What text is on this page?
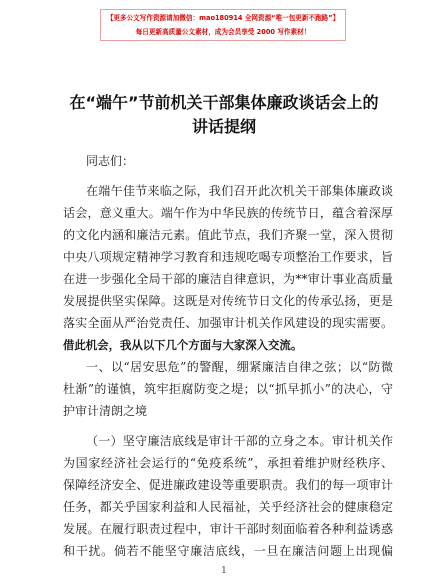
【更多公文写作资源请加微信：mao180914 全网资源“唯一包更新不跑路”】
每日更新高质量公文素材，成为会员享受 2000 写作素材！
在“端午”节前机关干部集体廉政谈话会上的
讲话提纲
同志们：
在端午佳节来临之际，我们召开此次机关干部集体廉政谈
话会，意义重大。端午作为中华民族的传统节日，蕴含着深厚
的文化内涵和廉洁元素。值此节点，我们齐聚一堂，深入贯彻
中央八项规定精神学习教育和违规吃喝专项整治工作要求，旨
在进一步强化全局干部的廉洁自律意识，为**审计事业高质量
发展提供坚实保障。这既是对传统节日文化的传承弘扬，更是
落实全面从严治党责任、加强审计机关作风建设的现实需要。
借此机会，我从以下几个方面与大家深入交流。
一、以“居安思危”的警醒，绷紧廉洁自律之弦；以“防微
杜渐”的谨慎，筑牢拒腐防变之堤；以“抓早抓小”的决心，守
护审计清朗之境
（一）坚守廉洁底线是审计干部的立身之本。审计机关作
为国家经济社会运行的“免疫系统”，承担着维护财经秩序、
保障经济安全、促进廉政建设等重要职责。我们的每一项审计
任务，都关乎国家利益和人民福祉，关乎经济社会的健康稳定
发展。在履行职责过程中，审计干部时刻面临着各种利益诱惑
和干扰。倘若不能坚守廉洁底线，一旦在廉洁问题上出现偏
1
